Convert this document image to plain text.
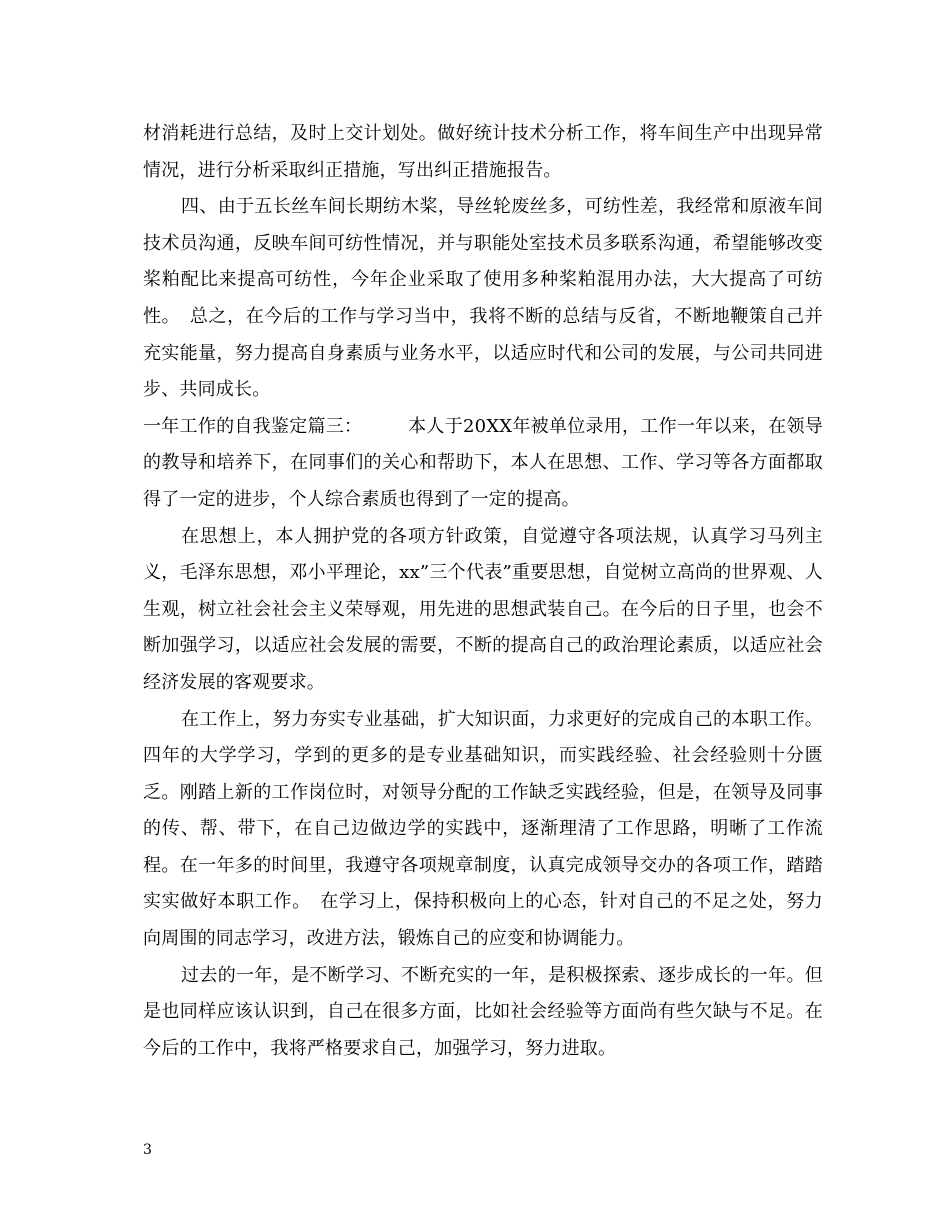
材消耗进行总结，及时上交计划处。做好统计技术分析工作，将车间生产中出现异常情况，进行分析采取纠正措施，写出纠正措施报告。

四、由于五长丝车间长期纺木桨，导丝轮废丝多，可纺性差，我经常和原液车间技术员沟通，反映车间可纺性情况，并与职能处室技术员多联系沟通，希望能够改变桨粕配比来提高可纺性，今年企业采取了使用多种桨粕混用办法，大大提高了可纺性。　总之，在今后的工作与学习当中，我将不断的总结与反省，不断地鞭策自己并充实能量，努力提高自身素质与业务水平，以适应时代和公司的发展，与公司共同进步、共同成长。

一年工作的自我鉴定篇三：　　　本人于20XX年被单位录用，工作一年以来，在领导的教导和培养下，在同事们的关心和帮助下，本人在思想、工作、学习等各方面都取得了一定的进步，个人综合素质也得到了一定的提高。

在思想上，本人拥护党的各项方针政策，自觉遵守各项法规，认真学习马列主义，毛泽东思想，邓小平理论，xx”三个代表”重要思想，自觉树立高尚的世界观、人生观，树立社会社会主义荣辱观，用先进的思想武装自己。在今后的日子里，也会不断加强学习，以适应社会发展的需要，不断的提高自己的政治理论素质，以适应社会经济发展的客观要求。

在工作上，努力夯实专业基础，扩大知识面，力求更好的完成自己的本职工作。四年的大学学习，学到的更多的是专业基础知识，而实践经验、社会经验则十分匮乏。刚踏上新的工作岗位时，对领导分配的工作缺乏实践经验，但是，在领导及同事的传、帮、带下，在自己边做边学的实践中，逐渐理清了工作思路，明晰了工作流程。在一年多的时间里，我遵守各项规章制度，认真完成领导交办的各项工作，踏踏实实做好本职工作。　在学习上，保持积极向上的心态，针对自己的不足之处，努力向周围的同志学习，改进方法，锻炼自己的应变和协调能力。

过去的一年，是不断学习、不断充实的一年，是积极探索、逐步成长的一年。但是也同样应该认识到，自己在很多方面，比如社会经验等方面尚有些欠缺与不足。在今后的工作中，我将严格要求自己，加强学习，努力进取。

3
